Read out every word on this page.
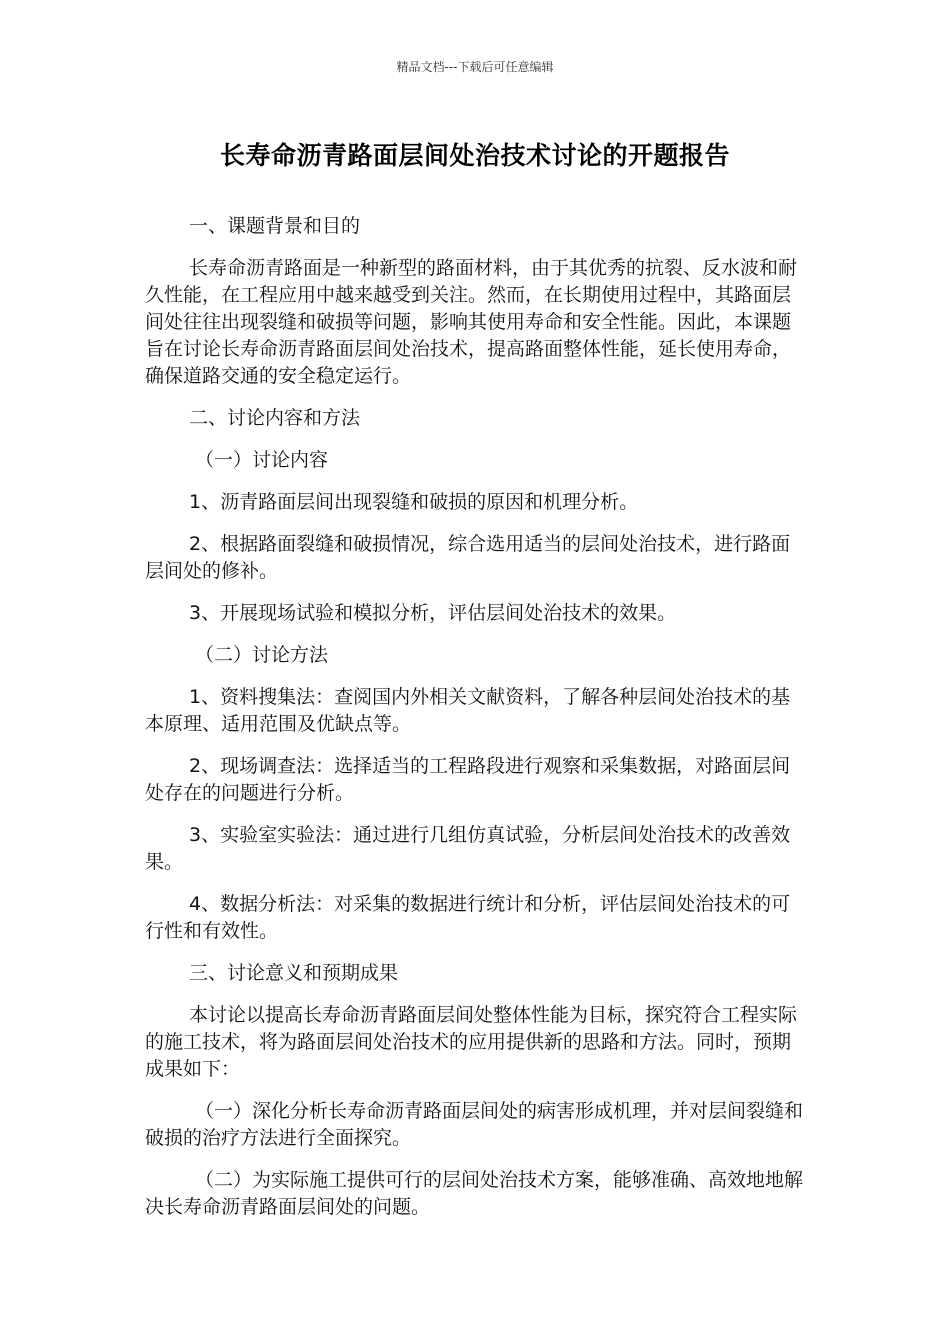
精品文档---下载后可任意编辑
长寿命沥青路面层间处治技术讨论的开题报告

一、课题背景和目的

长寿命沥青路面是一种新型的路面材料，由于其优秀的抗裂、反水波和耐久性能，在工程应用中越来越受到关注。然而，在长期使用过程中，其路面层间处往往出现裂缝和破损等问题，影响其使用寿命和安全性能。因此，本课题旨在讨论长寿命沥青路面层间处治技术，提高路面整体性能，延长使用寿命，确保道路交通的安全稳定运行。

二、讨论内容和方法

（一）讨论内容

1、沥青路面层间出现裂缝和破损的原因和机理分析。

2、根据路面裂缝和破损情况，综合选用适当的层间处治技术，进行路面层间处的修补。

3、开展现场试验和模拟分析，评估层间处治技术的效果。

（二）讨论方法

1、资料搜集法：查阅国内外相关文献资料，了解各种层间处治技术的基本原理、适用范围及优缺点等。

2、现场调查法：选择适当的工程路段进行观察和采集数据，对路面层间处存在的问题进行分析。

3、实验室实验法：通过进行几组仿真试验，分析层间处治技术的改善效果。

4、数据分析法：对采集的数据进行统计和分析，评估层间处治技术的可行性和有效性。

三、讨论意义和预期成果

本讨论以提高长寿命沥青路面层间处整体性能为目标，探究符合工程实际的施工技术，将为路面层间处治技术的应用提供新的思路和方法。同时，预期成果如下：

（一）深化分析长寿命沥青路面层间处的病害形成机理，并对层间裂缝和破损的治疗方法进行全面探究。

（二）为实际施工提供可行的层间处治技术方案，能够准确、高效地地解决长寿命沥青路面层间处的问题。
